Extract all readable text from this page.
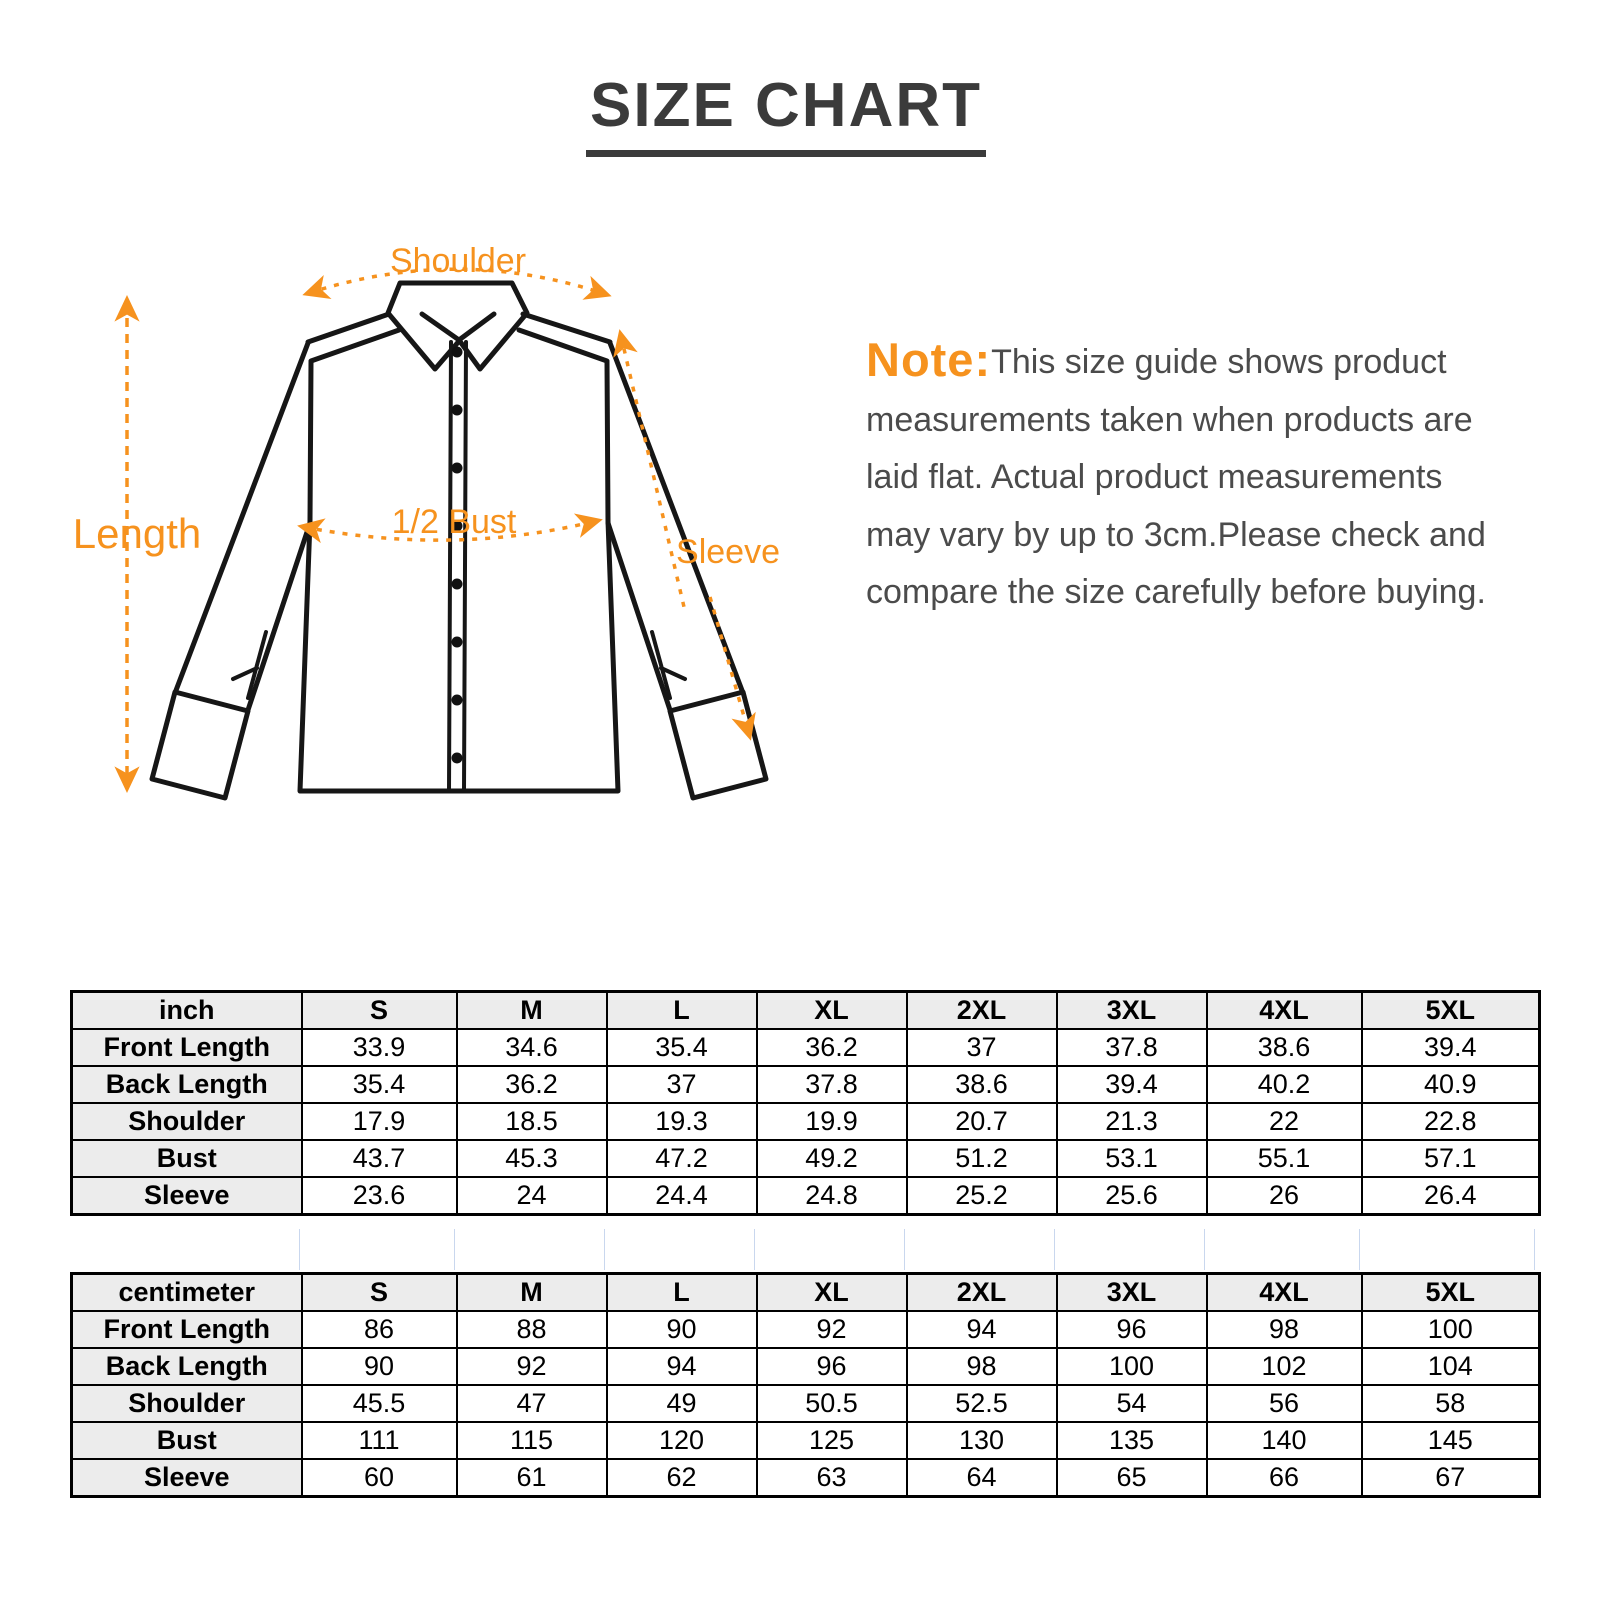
SIZE CHART
Shoulder
Length	1/2 Bust
Sleeve
Note:This size guide shows product
measurements taken when products are
laid flat. Actual product measurements
may vary by up to 3cm.Please check and
compare the size carefully before buying.
inch	S	M	L	XL	2XL	3XL	4XL	5XL
Front Length	33.9	34.6	35.4	36.2	37	37.8	38.6	39.4
Back Length	35.4	36.2	37	37.8	38.6	39.4	40.2	40.9
Shoulder	17.9	18.5	19.3	19.9	20.7	21.3	22	22.8
Bust	43.7	45.3	47.2	49.2	51.2	53.1	55.1	57.1
Sleeve	23.6	24	24.4	24.8	25.2	25.6	26	26.4
centimeter	S	M	L	XL	2XL	3XL	4XL	5XL
Front Length	86	88	90	92	94	96	98	100
Back Length	90	92	94	96	98	100	102	104
Shoulder	45.5	47	49	50.5	52.5	54	56	58
Bust	111	115	120	125	130	135	140	145
Sleeve	60	61	62	63	64	65	66	67
